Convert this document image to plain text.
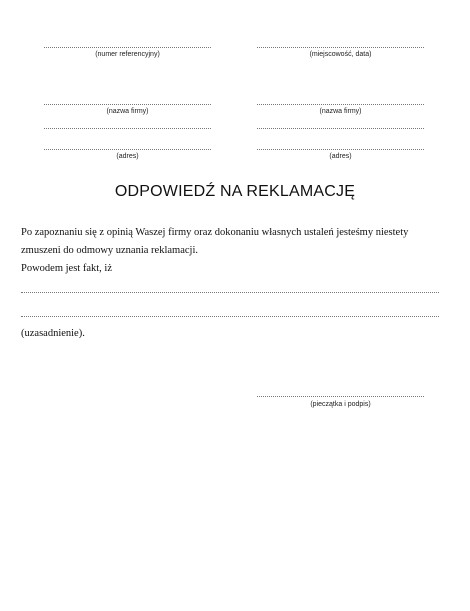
(numer referencyjny)
(nazwa firmy)
(adres)
(miejscowość, data)
(nazwa firmy)
(adres)
ODPOWIEDŹ NA REKLAMACJĘ
Po zapoznaniu się z opinią Waszej firmy oraz dokonaniu własnych ustaleń jesteśmy niestety
zmuszeni do odmowy uznania reklamacji.
Powodem jest fakt, iż
(uzasadnienie).
(pieczątka i podpis)
